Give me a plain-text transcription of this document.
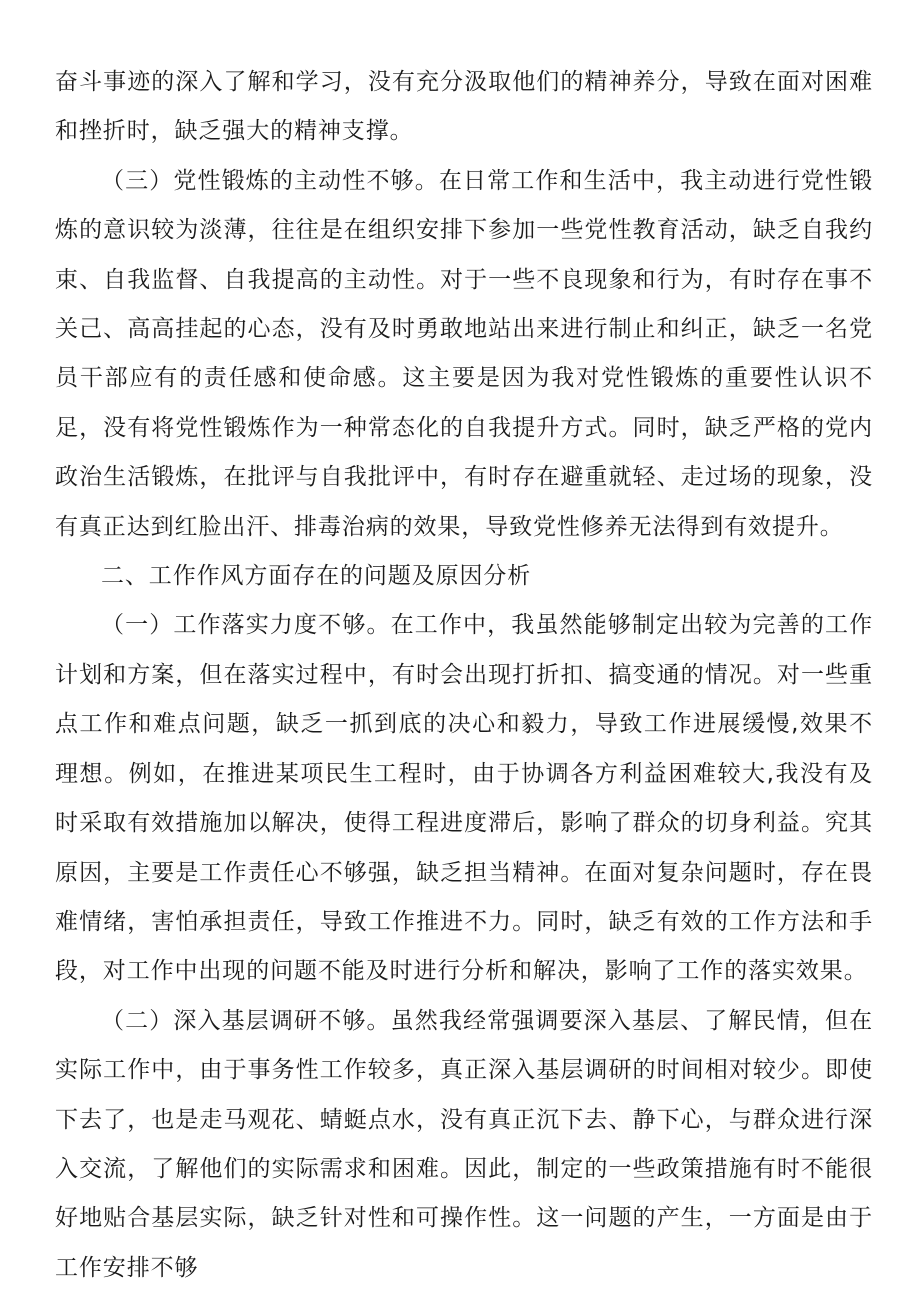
奋斗事迹的深入了解和学习，没有充分汲取他们的精神养分，导致在面对困难和挫折时，缺乏强大的精神支撑。

（三）党性锻炼的主动性不够。在日常工作和生活中，我主动进行党性锻炼的意识较为淡薄，往往是在组织安排下参加一些党性教育活动，缺乏自我约束、自我监督、自我提高的主动性。对于一些不良现象和行为，有时存在事不关己、高高挂起的心态，没有及时勇敢地站出来进行制止和纠正，缺乏一名党员干部应有的责任感和使命感。这主要是因为我对党性锻炼的重要性认识不足，没有将党性锻炼作为一种常态化的自我提升方式。同时，缺乏严格的党内政治生活锻炼，在批评与自我批评中，有时存在避重就轻、走过场的现象，没有真正达到红脸出汗、排毒治病的效果，导致党性修养无法得到有效提升。

二、工作作风方面存在的问题及原因分析

（一）工作落实力度不够。在工作中，我虽然能够制定出较为完善的工作计划和方案，但在落实过程中，有时会出现打折扣、搞变通的情况。对一些重点工作和难点问题，缺乏一抓到底的决心和毅力，导致工作进展缓慢,效果不理想。例如，在推进某项民生工程时，由于协调各方利益困难较大,我没有及时采取有效措施加以解决，使得工程进度滞后，影响了群众的切身利益。究其原因，主要是工作责任心不够强，缺乏担当精神。在面对复杂问题时，存在畏难情绪，害怕承担责任，导致工作推进不力。同时，缺乏有效的工作方法和手段，对工作中出现的问题不能及时进行分析和解决，影响了工作的落实效果。

（二）深入基层调研不够。虽然我经常强调要深入基层、了解民情，但在实际工作中，由于事务性工作较多，真正深入基层调研的时间相对较少。即使下去了，也是走马观花、蜻蜓点水，没有真正沉下去、静下心，与群众进行深入交流，了解他们的实际需求和困难。因此，制定的一些政策措施有时不能很好地贴合基层实际，缺乏针对性和可操作性。这一问题的产生，一方面是由于工作安排不够
